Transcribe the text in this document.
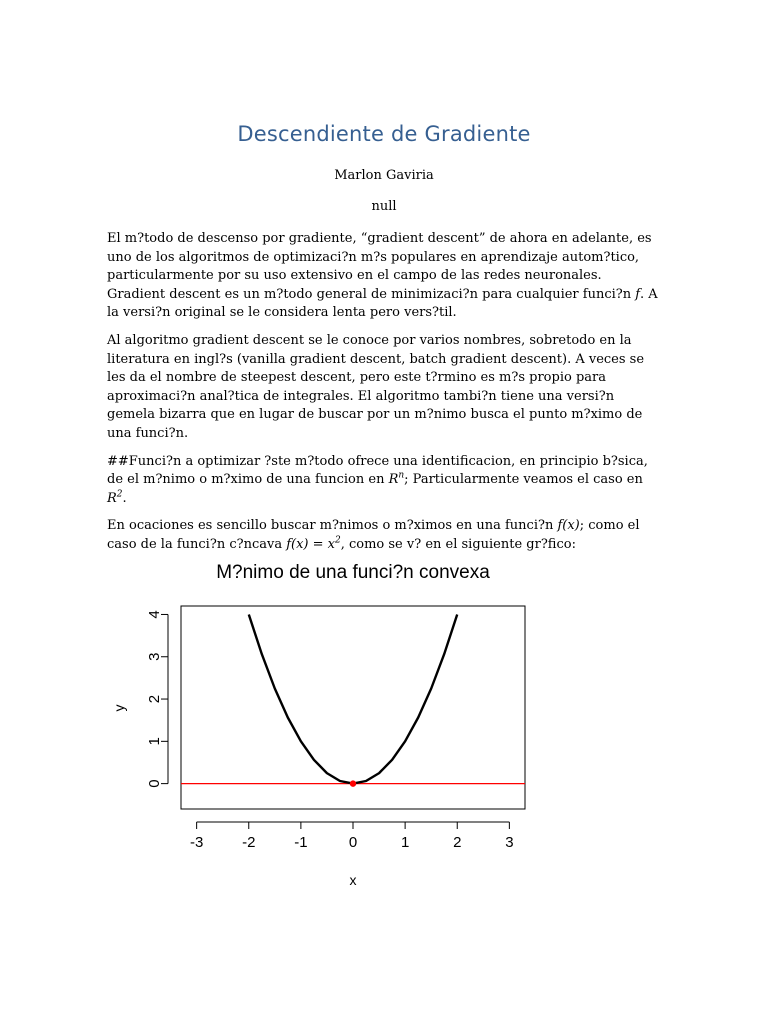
Descendiente de Gradiente
Marlon Gaviria
null

El m?todo de descenso por gradiente, “gradient descent” de ahora en adelante, es uno de los algoritmos de optimizaci?n m?s populares en aprendizaje autom?tico, particularmente por su uso extensivo en el campo de las redes neuronales. Gradient descent es un m?todo general de minimizaci?n para cualquier funci?n f. A la versi?n original se le considera lenta pero vers?til.

Al algoritmo gradient descent se le conoce por varios nombres, sobretodo en la literatura en ingl?s (vanilla gradient descent, batch gradient descent). A veces se les da el nombre de steepest descent, pero este t?rmino es m?s propio para aproximaci?n anal?tica de integrales. El algoritmo tambi?n tiene una versi?n gemela bizarra que en lugar de buscar por un m?nimo busca el punto m?ximo de una funci?n.

##Funci?n a optimizar ?ste m?todo ofrece una identificacion, en principio b?sica, de el m?nimo o m?ximo de una funcion en $R^n$; Particularmente veamos el caso en $R^2$.

En ocaciones es sencillo buscar m?nimos o m?ximos en una funci?n f(x); como el caso de la funci?n c?ncava $f(x) = x^2$, como se v? en el siguiente gr?fico:

M?nimo de una funci?n convexa
-3	-2	-1	0	1	2	3
0
1
2
3
4
x
y
